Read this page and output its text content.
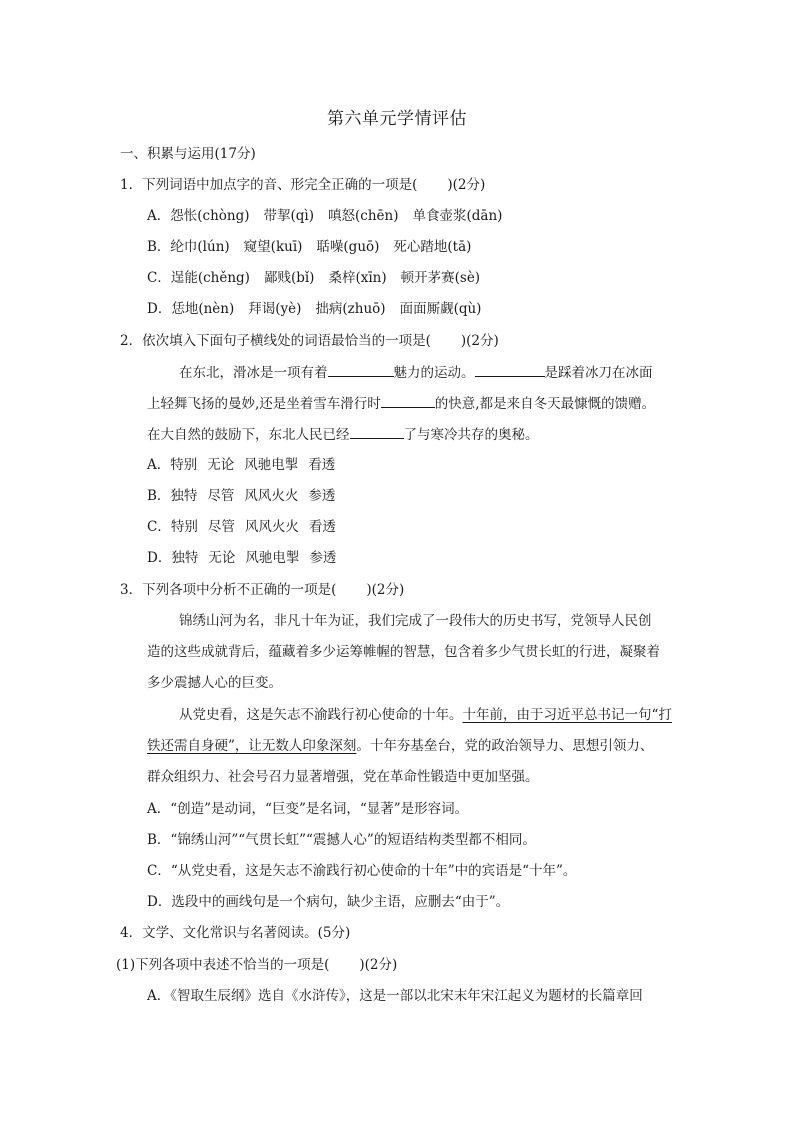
第六单元学情评估
一、积累与运用(17分)
1．下列词语中加点字的音、形完全正确的一项是( )(2分)
A．怨怅(chòng) 带挈(qì) 嗔怒(chēn) 单食壶浆(dān)
B．纶巾(lún) 窥望(kuī) 聒噪(guō) 死心踏地(tā)
C．逞能(chěng) 鄙贱(bǐ) 桑梓(xīn) 顿开茅赛(sè)
D．恁地(nèn) 拜谒(yè) 拙病(zhuō) 面面厮觑(qù)
2．依次填入下面句子横线处的词语最恰当的一项是( )(2分)
在东北，滑冰是一项有着	魅力的运动。	是踩着冰刀在冰面
上轻舞飞扬的曼妙,还是坐着雪车滑行时	的快意,都是来自冬天最慷慨的馈赠。
在大自然的鼓励下，东北人民已经	了与寒冷共存的奥秘。
A．特别 无论 风驰电掣 看透
B．独特 尽管 风风火火 参透
C．特别 尽管 风风火火 看透
D．独特 无论 风驰电掣 参透
3．下列各项中分析不正确的一项是( )(2分)
锦绣山河为名，非凡十年为证，我们完成了一段伟大的历史书写，党领导人民创
造的这些成就背后，蕴藏着多少运筹帷幄的智慧，包含着多少气贯长虹的行进，凝聚着
多少震撼人心的巨变。
从党史看，这是矢志不渝践行初心使命的十年。十年前，由于习近平总书记一句“打
铁还需自身硬”，让无数人印象深刻。十年夯基垒台，党的政治领导力、思想引领力、
群众组织力、社会号召力显著增强，党在革命性锻造中更加坚强。
A．“创造”是动词，“巨变”是名词，“显著”是形容词。
B．“锦绣山河”“气贯长虹”“震撼人心”的短语结构类型都不相同。
C．“从党史看，这是矢志不渝践行初心使命的十年”中的宾语是“十年”。
D．选段中的画线句是一个病句，缺少主语，应删去“由于”。
4．文学、文化常识与名著阅读。(5分)
(1)下列各项中表述不恰当的一项是( )(2分)
A．《智取生辰纲》选自《水浒传》，这是一部以北宋末年宋江起义为题材的长篇章回
